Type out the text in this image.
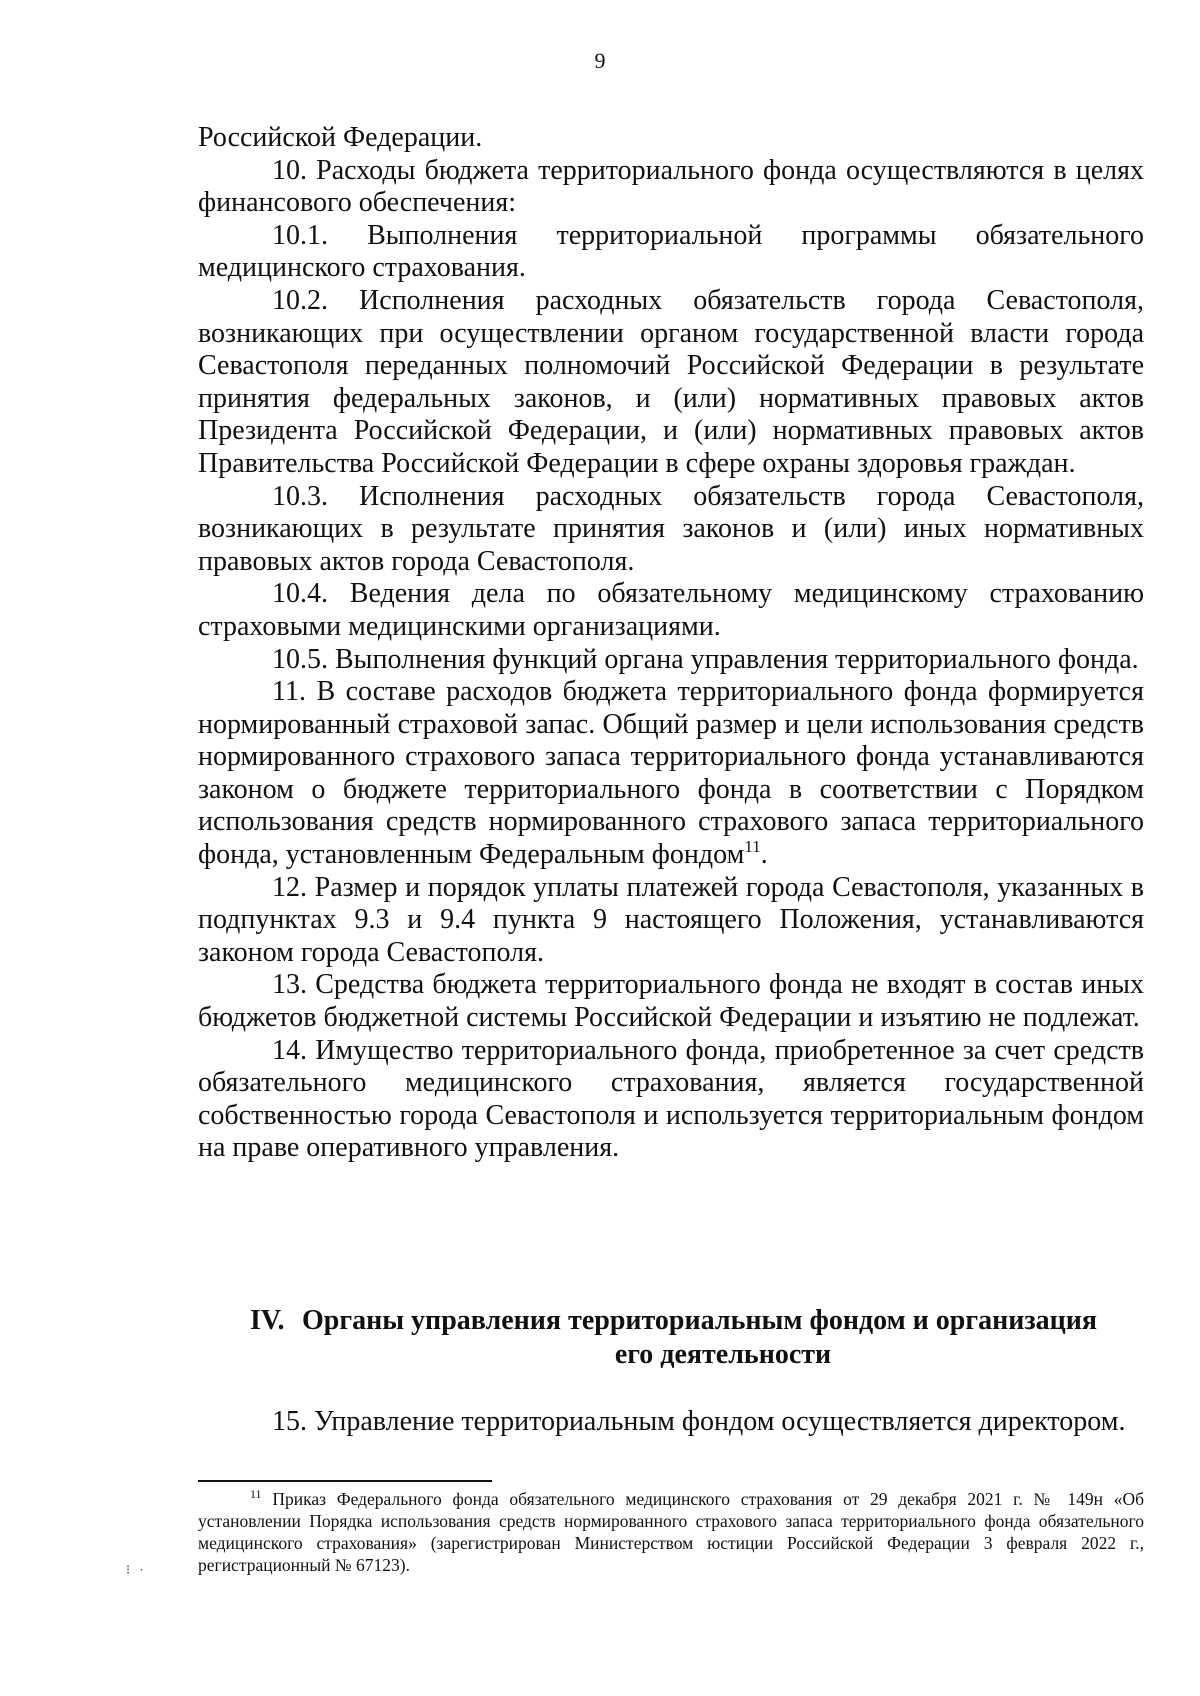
9

Российской Федерации.

10. Расходы бюджета территориального фонда осуществляются в целях финансового обеспечения:

10.1. Выполнения территориальной программы обязательного медицинского страхования.

10.2. Исполнения расходных обязательств города Севастополя, возникающих при осуществлении органом государственной власти города Севастополя переданных полномочий Российской Федерации в результате принятия федеральных законов, и (или) нормативных правовых актов Президента Российской Федерации, и (или) нормативных правовых актов Правительства Российской Федерации в сфере охраны здоровья граждан.

10.3. Исполнения расходных обязательств города Севастополя, возникающих в результате принятия законов и (или) иных нормативных правовых актов города Севастополя.

10.4. Ведения дела по обязательному медицинскому страхованию страховыми медицинскими организациями.

10.5. Выполнения функций органа управления территориального фонда.

11. В составе расходов бюджета территориального фонда формируется нормированный страховой запас. Общий размер и цели использования средств нормированного страхового запаса территориального фонда устанавливаются законом о бюджете территориального фонда в соответствии с Порядком использования средств нормированного страхового запаса территориального фонда, установленным Федеральным фондом$^{11}$.

12. Размер и порядок уплаты платежей города Севастополя, указанных в подпунктах 9.3 и 9.4 пункта 9 настоящего Положения, устанавливаются законом города Севастополя.

13. Средства бюджета территориального фонда не входят в состав иных бюджетов бюджетной системы Российской Федерации и изъятию не подлежат.

14. Имущество территориального фонда, приобретенное за счет средств обязательного медицинского страхования, является государственной собственностью города Севастополя и используется территориальным фондом на праве оперативного управления.

IV. Органы управления территориальным фондом и организация
его деятельности

15. Управление территориальным фондом осуществляется директором.

$^{11}$ Приказ Федерального фонда обязательного медицинского страхования от 29 декабря 2021 г. № 149н «Об установлении Порядка использования средств нормированного страхового запаса территориального фонда обязательного медицинского страхования» (зарегистрирован Министерством юстиции Российской Федерации 3 февраля 2022 г., регистрационный № 67123).
⁝ ·
